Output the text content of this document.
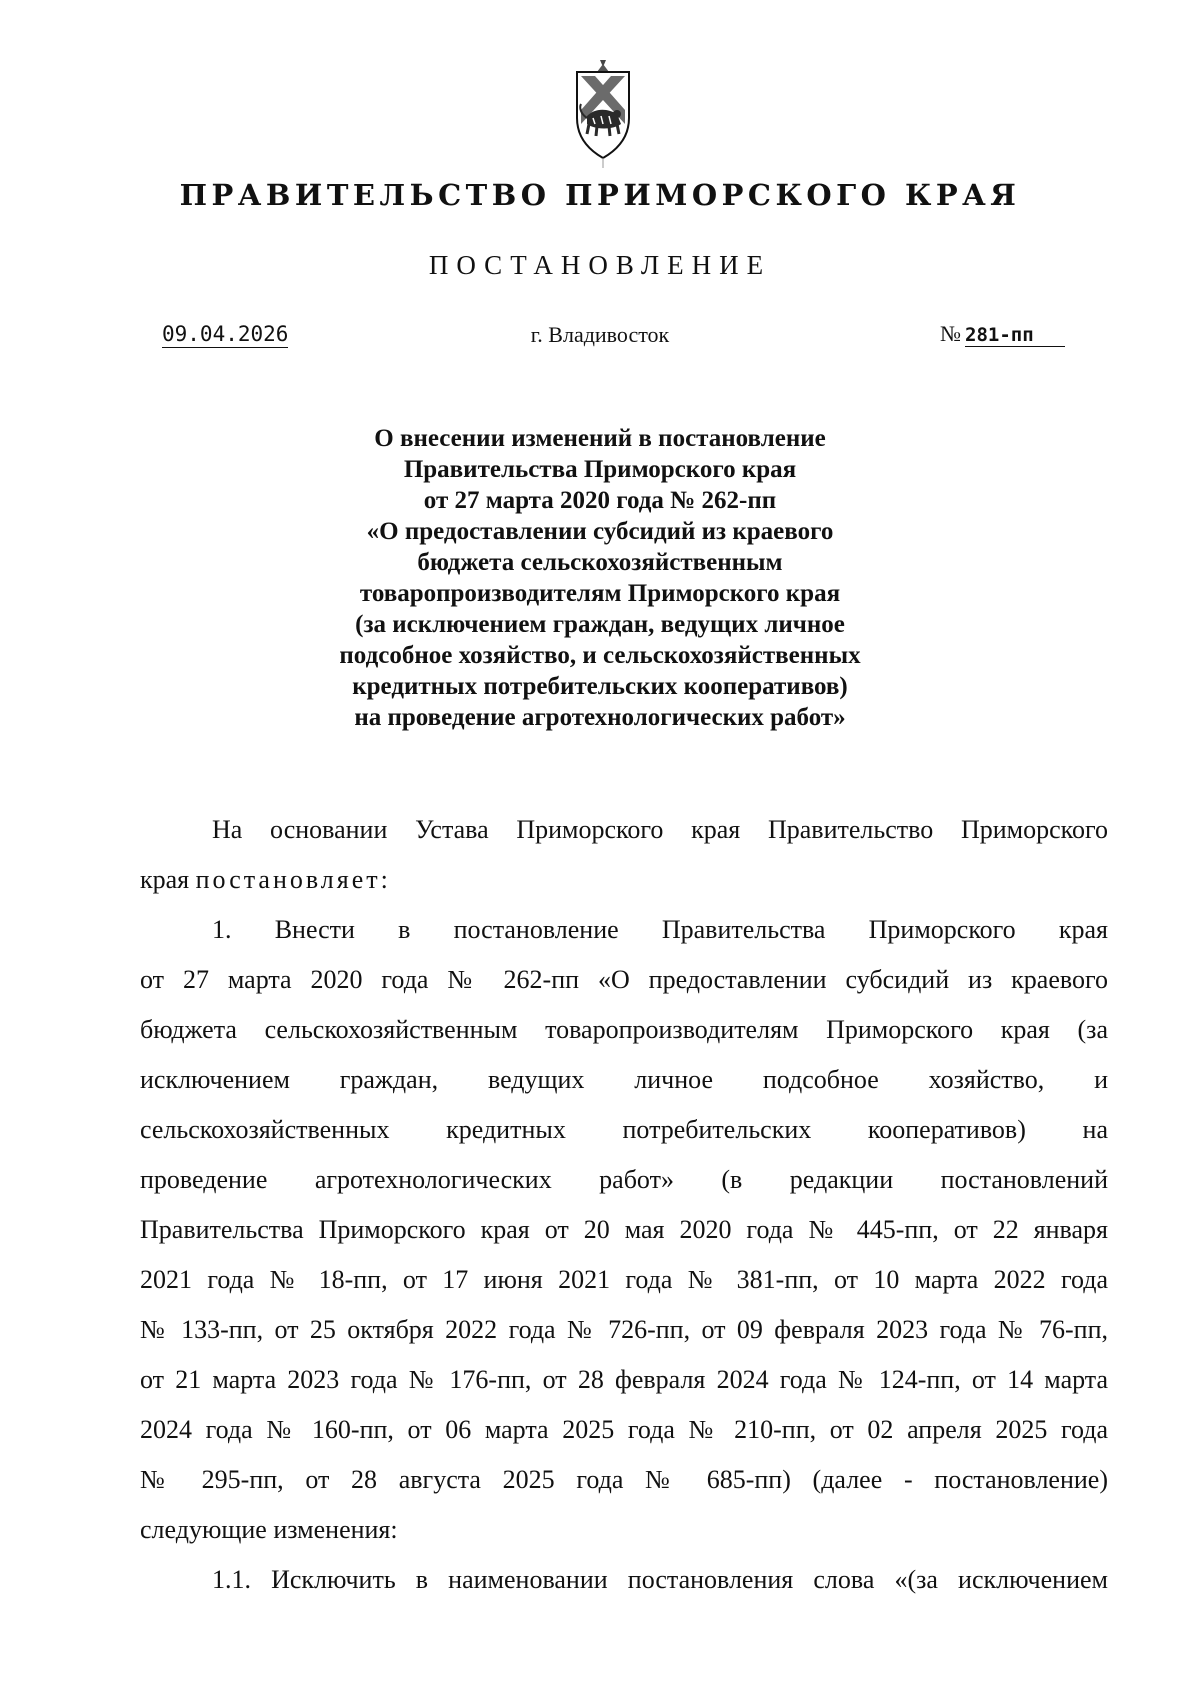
ПРАВИТЕЛЬСТВО ПРИМОРСКОГО КРАЯ
ПОСТАНОВЛЕНИЕ
09.04.2026	г. Владивосток	№ 281-пп
О внесении изменений в постановление
Правительства Приморского края
от 27 марта 2020 года № 262-пп
«О предоставлении субсидий из краевого
бюджета сельскохозяйственным
товаропроизводителям Приморского края
(за исключением граждан, ведущих личное
подсобное хозяйство, и сельскохозяйственных
кредитных потребительских кооперативов)
на проведение агротехнологических работ»
На основании Устава Приморского края Правительство Приморского
края постановляет:
1. Внести в постановление Правительства Приморского края
от 27 марта 2020 года № 262-пп «О предоставлении субсидий из краевого
бюджета сельскохозяйственным товаропроизводителям Приморского края (за
исключением граждан, ведущих личное подсобное хозяйство, и
сельскохозяйственных кредитных потребительских кооперативов) на
проведение агротехнологических работ» (в редакции постановлений
Правительства Приморского края от 20 мая 2020 года № 445-пп, от 22 января
2021 года № 18-пп, от 17 июня 2021 года № 381-пп, от 10 марта 2022 года
№ 133-пп, от 25 октября 2022 года № 726-пп, от 09 февраля 2023 года № 76-пп,
от 21 марта 2023 года № 176-пп, от 28 февраля 2024 года № 124-пп, от 14 марта
2024 года № 160-пп, от 06 марта 2025 года № 210-пп, от 02 апреля 2025 года
№ 295-пп, от 28 августа 2025 года № 685-пп) (далее - постановление)
следующие изменения:
1.1. Исключить в наименовании постановления слова «(за исключением
